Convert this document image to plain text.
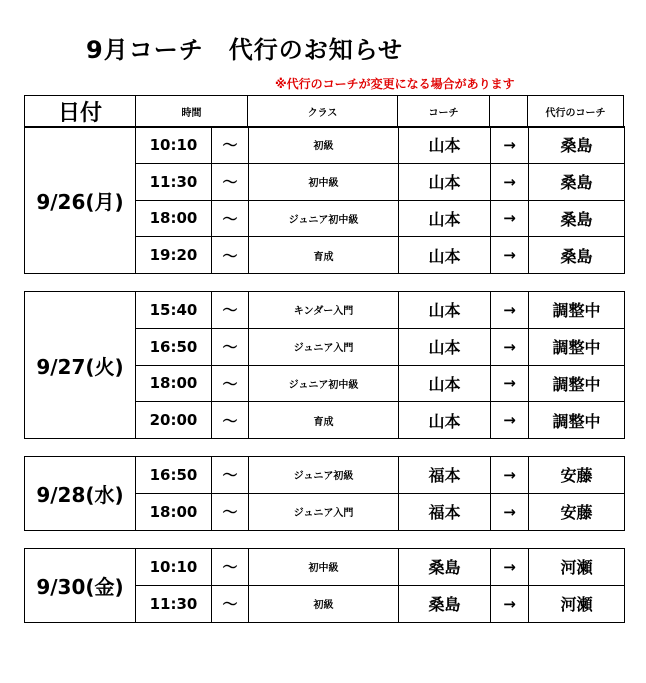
9月コーチ　代行のお知らせ
※代行のコーチが変更になる場合があります
日付	時間	クラス	コーチ		代行のコーチ
9/26(月)	10:10	～	初級	山本	→	桑島
	11:30	～	初中級	山本	→	桑島
	18:00	～	ジュニア初中級	山本	→	桑島
	19:20	～	育成	山本	→	桑島
9/27(火)	15:40	～	キンダー入門	山本	→	調整中
	16:50	～	ジュニア入門	山本	→	調整中
	18:00	～	ジュニア初中級	山本	→	調整中
	20:00	～	育成	山本	→	調整中
9/28(水)	16:50	～	ジュニア初級	福本	→	安藤
	18:00	～	ジュニア入門	福本	→	安藤
9/30(金)	10:10	～	初中級	桑島	→	河瀬
	11:30	～	初級	桑島	→	河瀬
